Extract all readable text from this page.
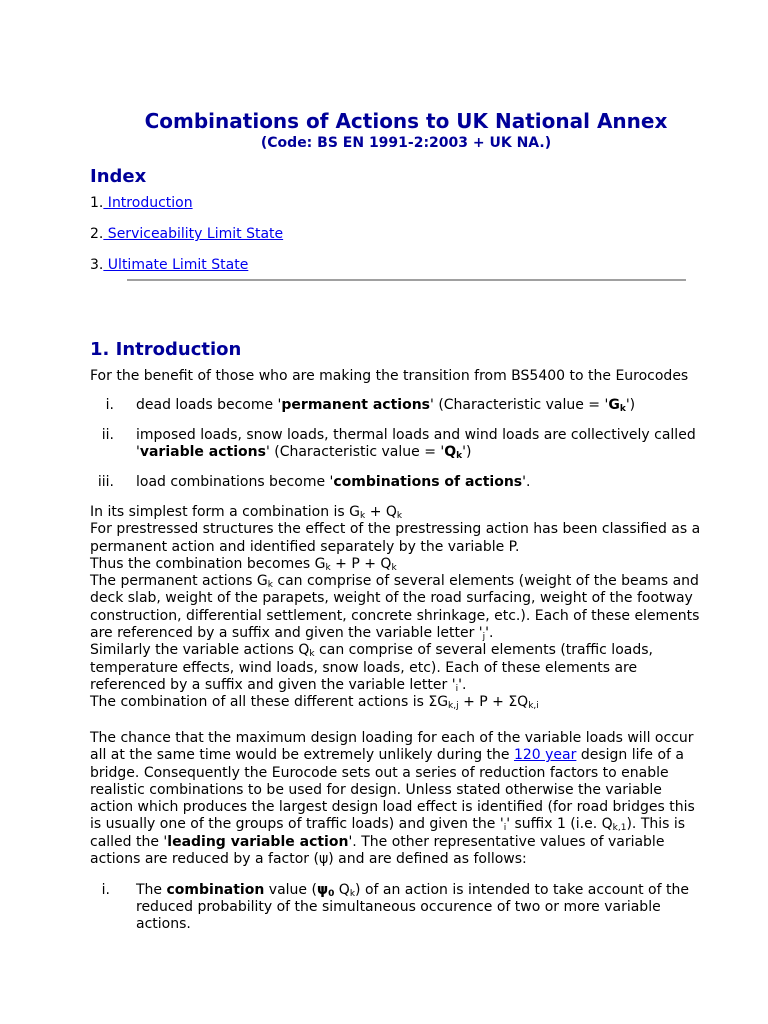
Combinations of Actions to UK National Annex
(Code: BS EN 1991-2:2003 + UK NA.)
Index
1. Introduction
2. Serviceability Limit State
3. Ultimate Limit State
1. Introduction

For the benefit of those who are making the transition from BS5400 to the Eurocodes

i. dead loads become 'permanent actions' (Characteristic value = '$G_k$')
ii. imposed loads, snow loads, thermal loads and wind loads are collectively called
'variable actions' (Characteristic value = '$Q_k$')
iii. load combinations become 'combinations of actions'.
In its simplest form a combination is $G_k + Q_k$
For prestressed structures the effect of the prestressing action has been classified as a
permanent action and identified separately by the variable P.
Thus the combination becomes $G_k + P + Q_k$
The permanent actions $G_k$ can comprise of several elements (weight of the beams and
deck slab, weight of the parapets, weight of the road surfacing, weight of the footway
construction, differential settlement, concrete shrinkage, etc.). Each of these elements
are referenced by a suffix and given the variable letter '$_j$'.
Similarly the variable actions $Q_k$ can comprise of several elements (traffic loads,
temperature effects, wind loads, snow loads, etc). Each of these elements are
referenced by a suffix and given the variable letter '$_i$'.
The combination of all these different actions is $\Sigma G_{k,j} + P + \Sigma Q_{k,i}$
The chance that the maximum design loading for each of the variable loads will occur
all at the same time would be extremely unlikely during the 120 year design life of a
bridge. Consequently the Eurocode sets out a series of reduction factors to enable
realistic combinations to be used for design. Unless stated otherwise the variable
action which produces the largest design load effect is identified (for road bridges this
is usually one of the groups of traffic loads) and given the '$_i$' suffix 1 (i.e. $Q_{k,1}$). This is
called the 'leading variable action'. The other representative values of variable
actions are reduced by a factor (ψ) and are defined as follows:
i. The combination value ($\psi_0$ $Q_k$) of an action is intended to take account of the
reduced probability of the simultaneous occurence of two or more variable
actions.
